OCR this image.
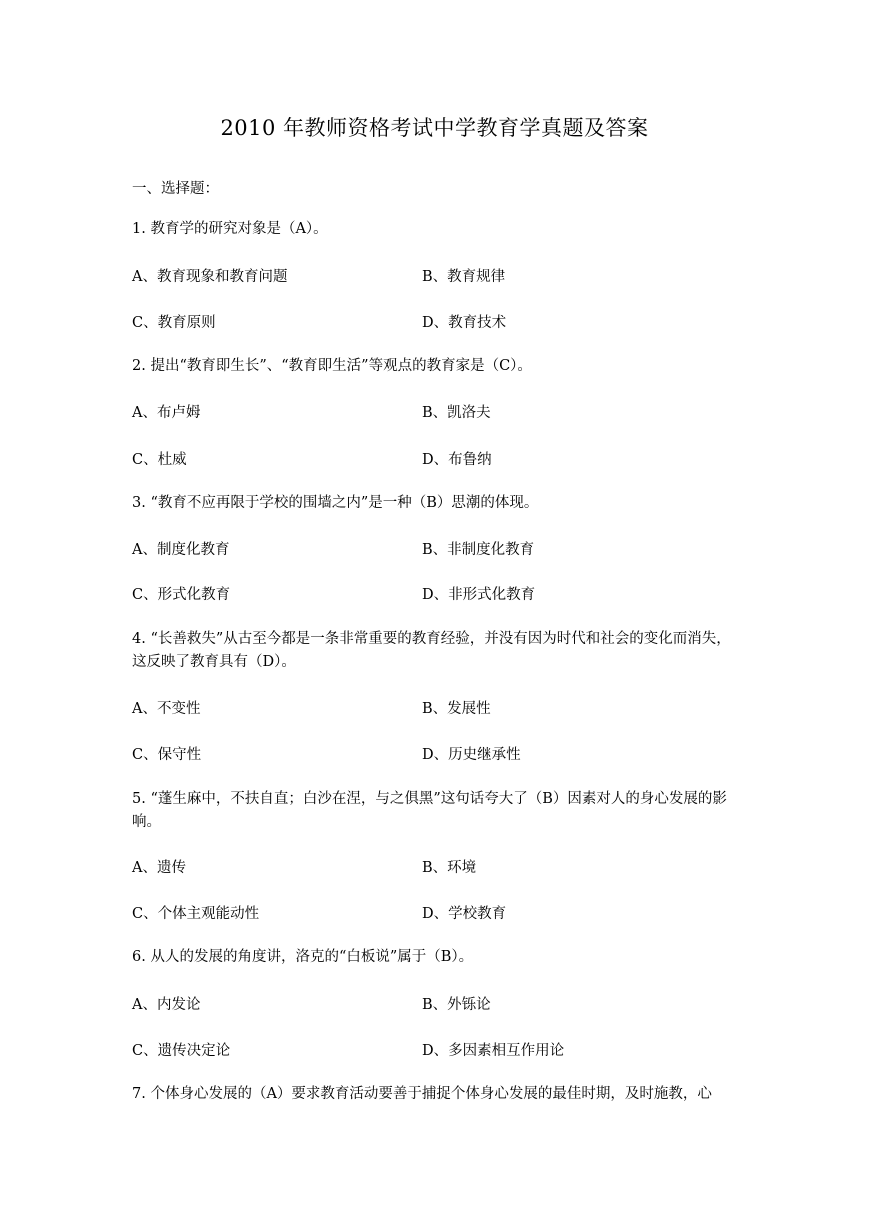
2010 年教师资格考试中学教育学真题及答案
一、选择题：
1. 教育学的研究对象是（A）。
A、教育现象和教育问题	B、教育规律
C、教育原则	D、教育技术
2. 提出“教育即生长”、“教育即生活”等观点的教育家是（C）。
A、布卢姆	B、凯洛夫
C、杜威	D、布鲁纳
3. “教育不应再限于学校的围墙之内”是一种（B）思潮的体现。
A、制度化教育	B、非制度化教育
C、形式化教育	D、非形式化教育
4. “长善救失”从古至今都是一条非常重要的教育经验，并没有因为时代和社会的变化而消失，这反映了教育具有（D）。
A、不变性	B、发展性
C、保守性	D、历史继承性
5. “蓬生麻中，不扶自直；白沙在涅，与之俱黑”这句话夸大了（B）因素对人的身心发展的影响。
A、遗传	B、环境
C、个体主观能动性	D、学校教育
6. 从人的发展的角度讲，洛克的“白板说”属于（B）。
A、内发论	B、外铄论
C、遗传决定论	D、多因素相互作用论
7. 个体身心发展的（A）要求教育活动要善于捕捉个体身心发展的最佳时期，及时施教，心
